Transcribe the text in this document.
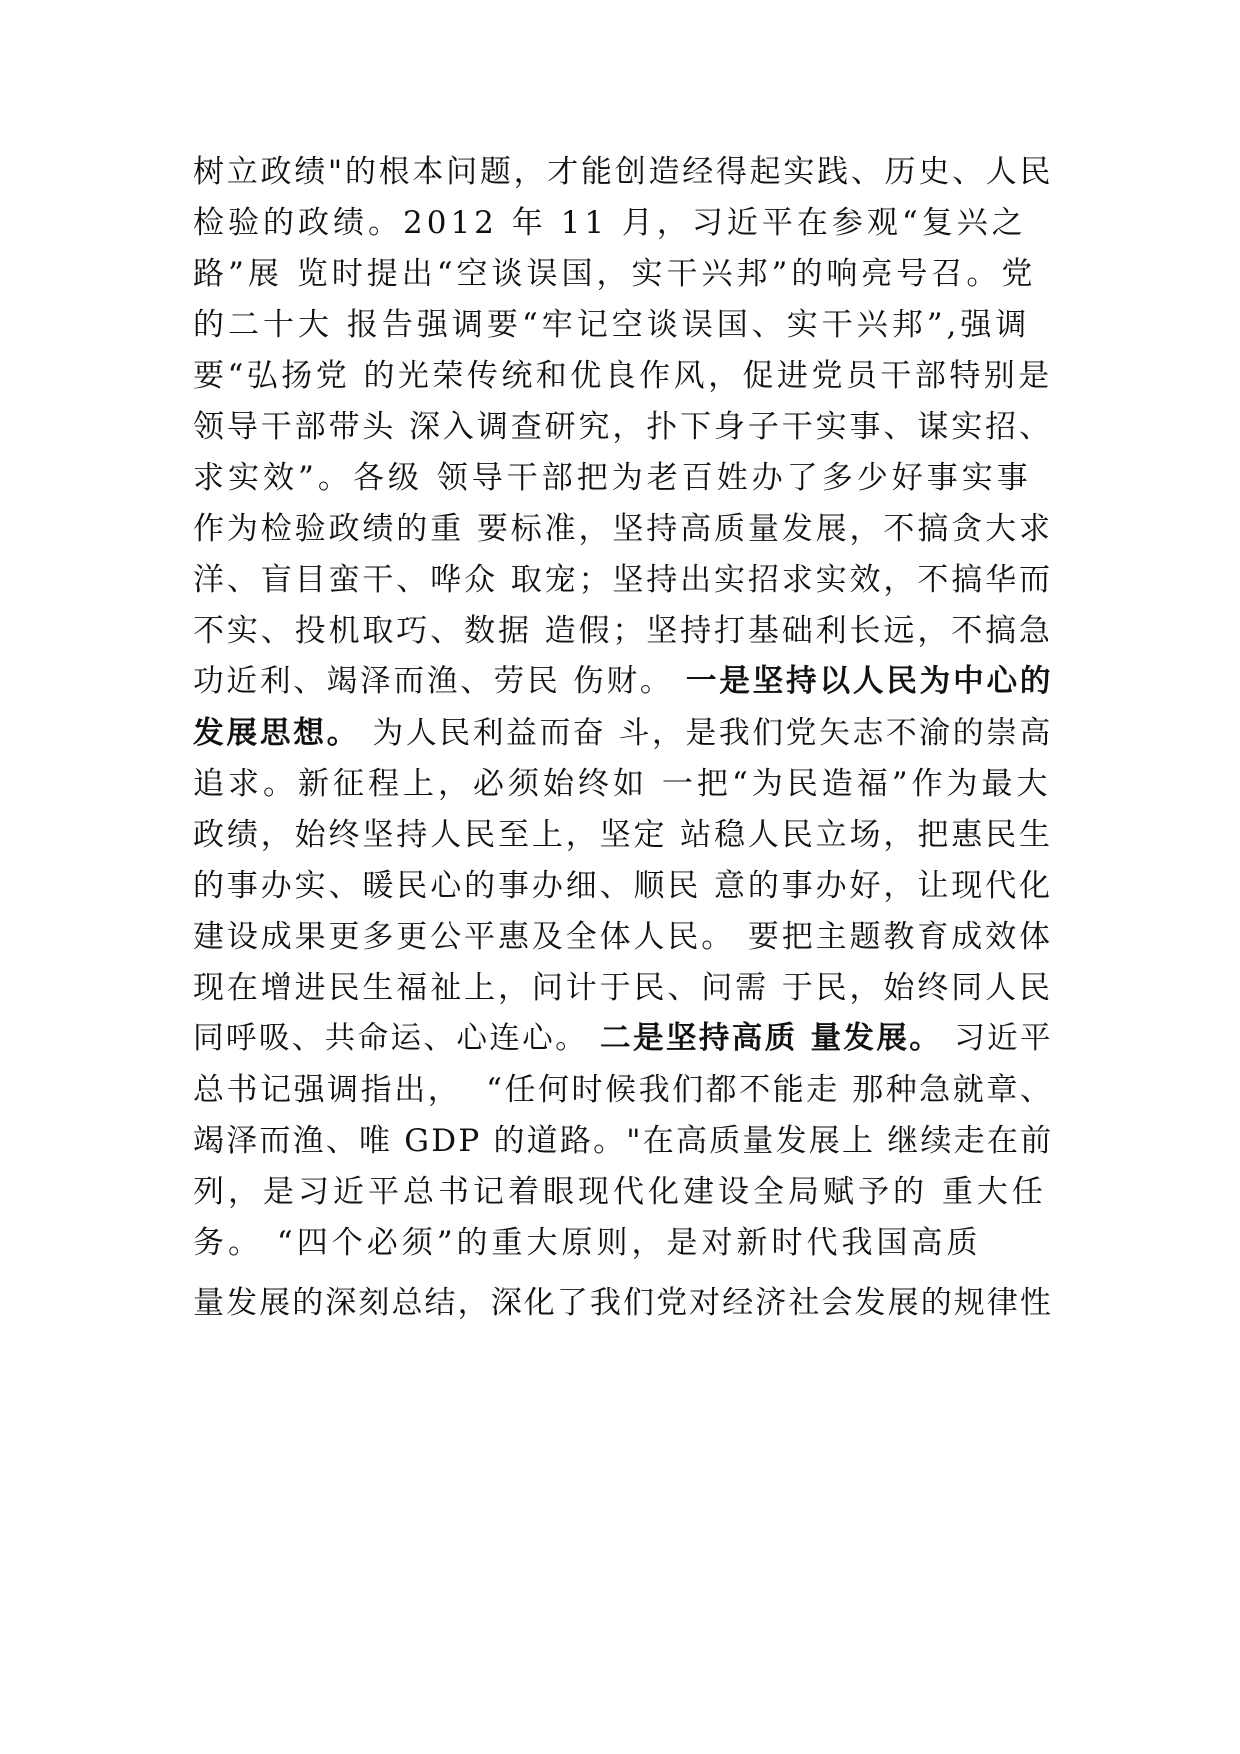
树立政绩"的根本问题，才能创造经得起实践、历史、人民
检验的政绩。2012 年 11 月，习近平在参观“复兴之
路”展 览时提出“空谈误国，实干兴邦”的响亮号召。党
的二十大 报告强调要“牢记空谈误国、实干兴邦”,强调
要“弘扬党 的光荣传统和优良作风，促进党员干部特别是
领导干部带头 深入调查研究，扑下身子干实事、谋实招、
求实效”。各级 领导干部把为老百姓办了多少好事实事
作为检验政绩的重 要标准，坚持高质量发展，不搞贪大求
洋、盲目蛮干、哗众 取宠；坚持出实招求实效，不搞华而
不实、投机取巧、数据 造假；坚持打基础利长远，不搞急
功近利、竭泽而渔、劳民 伤财。 一是坚持以人民为中心的
发展思想。 为人民利益而奋 斗，是我们党矢志不渝的崇高
追求。新征程上，必须始终如 一把“为民造福”作为最大
政绩，始终坚持人民至上，坚定 站稳人民立场，把惠民生
的事办实、暖民心的事办细、顺民 意的事办好，让现代化
建设成果更多更公平惠及全体人民。 要把主题教育成效体
现在增进民生福祉上，问计于民、问需 于民，始终同人民
同呼吸、共命运、心连心。 二是坚持高质 量发展。 习近平
总书记强调指出，  “任何时候我们都不能走 那种急就章、
竭泽而渔、唯 GDP 的道路。"在高质量发展上 继续走在前
列，是习近平总书记着眼现代化建设全局赋予的 重大任
务。 “四个必须”的重大原则，是对新时代我国高质
量发展的深刻总结，深化了我们党对经济社会发展的规律性
